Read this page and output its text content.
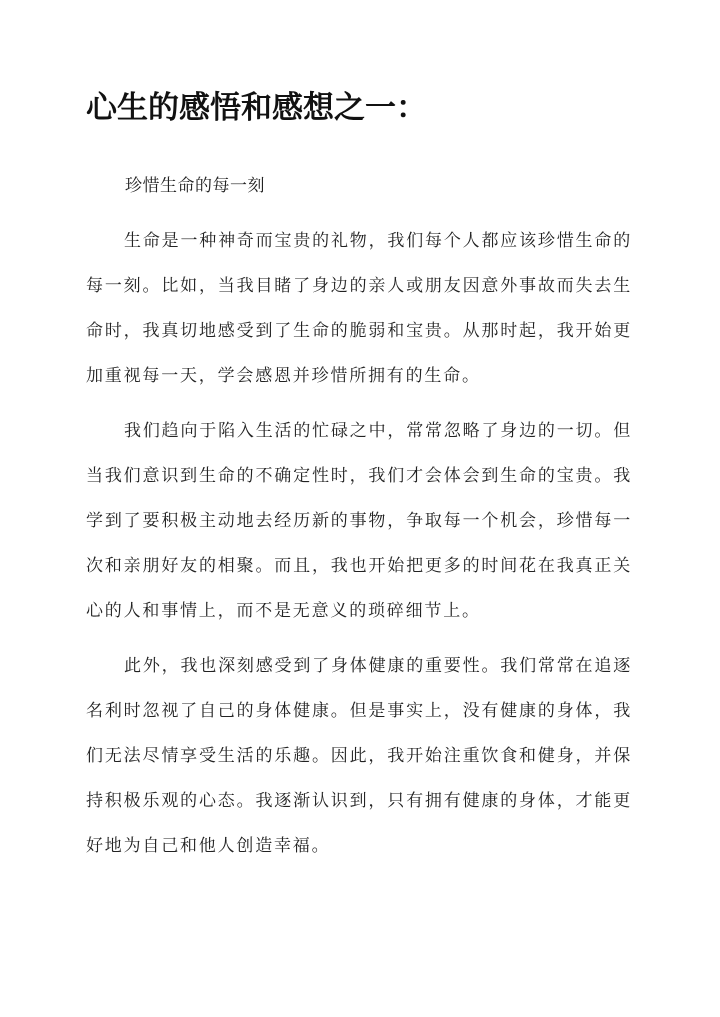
心生的感悟和感想之一：

珍惜生命的每一刻

生命是一种神奇而宝贵的礼物，我们每个人都应该珍惜生命的每一刻。比如，当我目睹了身边的亲人或朋友因意外事故而失去生命时，我真切地感受到了生命的脆弱和宝贵。从那时起，我开始更加重视每一天，学会感恩并珍惜所拥有的生命。

我们趋向于陷入生活的忙碌之中，常常忽略了身边的一切。但当我们意识到生命的不确定性时，我们才会体会到生命的宝贵。我学到了要积极主动地去经历新的事物，争取每一个机会，珍惜每一次和亲朋好友的相聚。而且，我也开始把更多的时间花在我真正关心的人和事情上，而不是无意义的琐碎细节上。

此外，我也深刻感受到了身体健康的重要性。我们常常在追逐名利时忽视了自己的身体健康。但是事实上，没有健康的身体，我们无法尽情享受生活的乐趣。因此，我开始注重饮食和健身，并保持积极乐观的心态。我逐渐认识到，只有拥有健康的身体，才能更好地为自己和他人创造幸福。
